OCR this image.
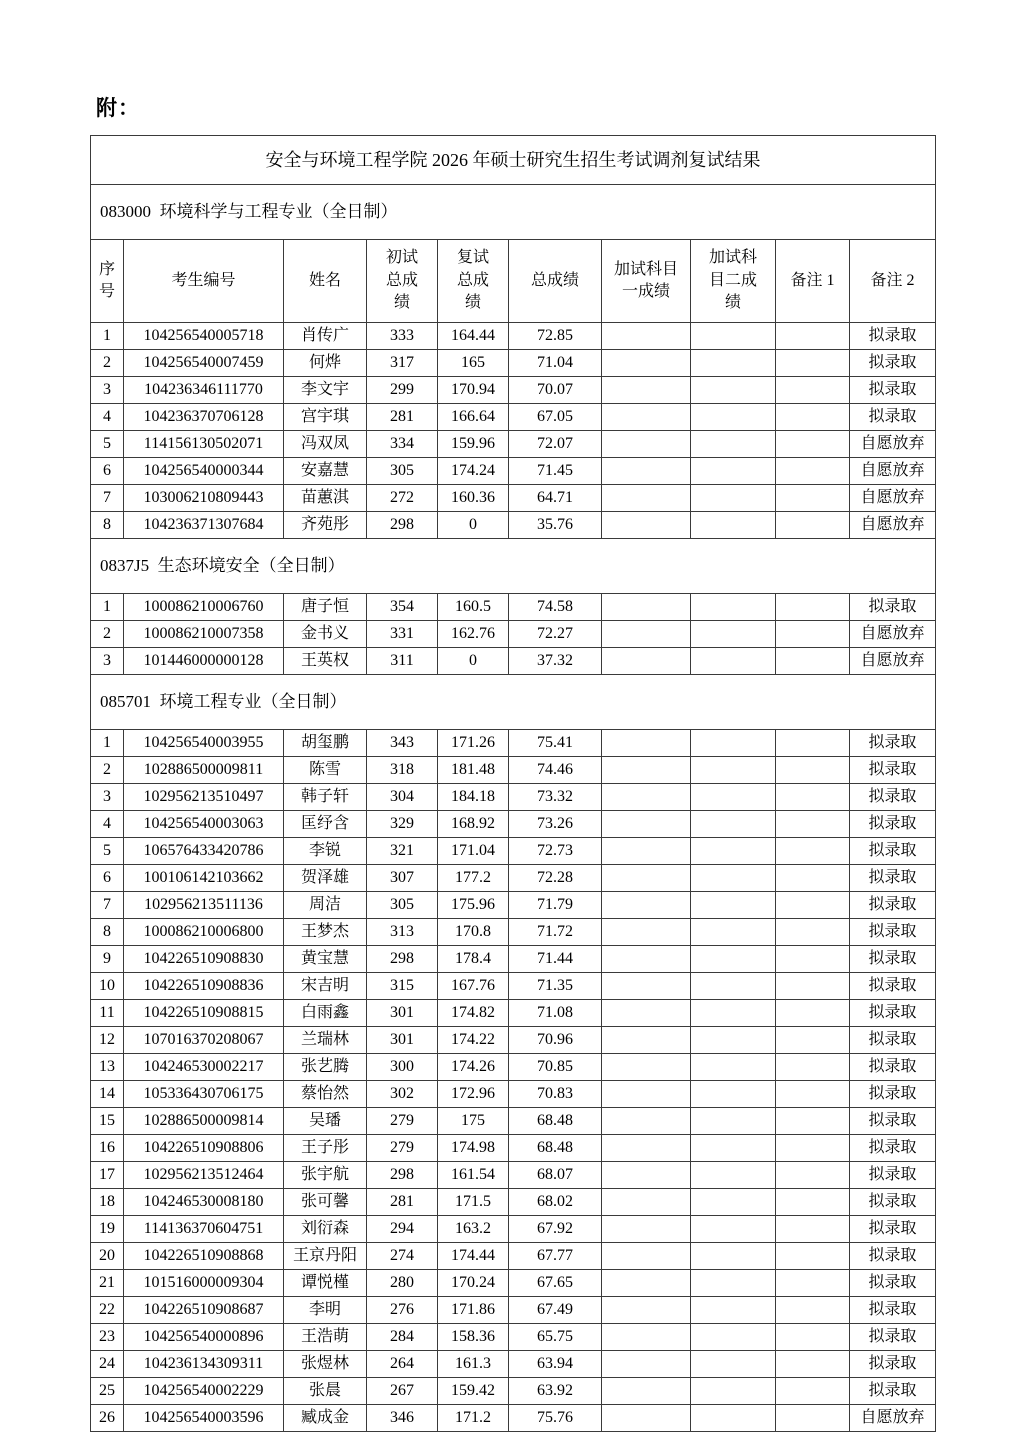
附：
安全与环境工程学院 2026 年硕士研究生招生考试调剂复试结果									
083000  环境科学与工程专业（全日制）									
序号	考生编号	姓名	初试总成绩	复试总成绩	总成绩	加试科目一成绩	加试科目二成绩	备注 1	备注 2
1	104256540005718	肖传广	333	164.44	72.85				拟录取
2	104256540007459	何烨	317	165	71.04				拟录取
3	104236346111770	李文宇	299	170.94	70.07				拟录取
4	104236370706128	宫宇琪	281	166.64	67.05				拟录取
5	114156130502071	冯双凤	334	159.96	72.07				自愿放弃
6	104256540000344	安嘉慧	305	174.24	71.45				自愿放弃
7	103006210809443	苗蕙淇	272	160.36	64.71				自愿放弃
8	104236371307684	齐苑彤	298	0	35.76				自愿放弃
0837J5  生态环境安全（全日制）									
1	100086210006760	唐子恒	354	160.5	74.58				拟录取
2	100086210007358	金书义	331	162.76	72.27				自愿放弃
3	101446000000128	王英权	311	0	37.32				自愿放弃
085701  环境工程专业（全日制）									
1	104256540003955	胡玺鹏	343	171.26	75.41				拟录取
2	102886500009811	陈雪	318	181.48	74.46				拟录取
3	102956213510497	韩子轩	304	184.18	73.32				拟录取
4	104256540003063	匡纾含	329	168.92	73.26				拟录取
5	106576433420786	李锐	321	171.04	72.73				拟录取
6	100106142103662	贺泽雄	307	177.2	72.28				拟录取
7	102956213511136	周洁	305	175.96	71.79				拟录取
8	100086210006800	王梦杰	313	170.8	71.72				拟录取
9	104226510908830	黄宝慧	298	178.4	71.44				拟录取
10	104226510908836	宋吉明	315	167.76	71.35				拟录取
11	104226510908815	白雨鑫	301	174.82	71.08				拟录取
12	107016370208067	兰瑞林	301	174.22	70.96				拟录取
13	104246530002217	张艺腾	300	174.26	70.85				拟录取
14	105336430706175	蔡怡然	302	172.96	70.83				拟录取
15	102886500009814	吴璠	279	175	68.48				拟录取
16	104226510908806	王子彤	279	174.98	68.48				拟录取
17	102956213512464	张宇航	298	161.54	68.07				拟录取
18	104246530008180	张可馨	281	171.5	68.02				拟录取
19	114136370604751	刘衍森	294	163.2	67.92				拟录取
20	104226510908868	王京丹阳	274	174.44	67.77				拟录取
21	101516000009304	谭悦槿	280	170.24	67.65				拟录取
22	104226510908687	李明	276	171.86	67.49				拟录取
23	104256540000896	王浩萌	284	158.36	65.75				拟录取
24	104236134309311	张煜林	264	161.3	63.94				拟录取
25	104256540002229	张晨	267	159.42	63.92				拟录取
26	104256540003596	臧成金	346	171.2	75.76				自愿放弃
